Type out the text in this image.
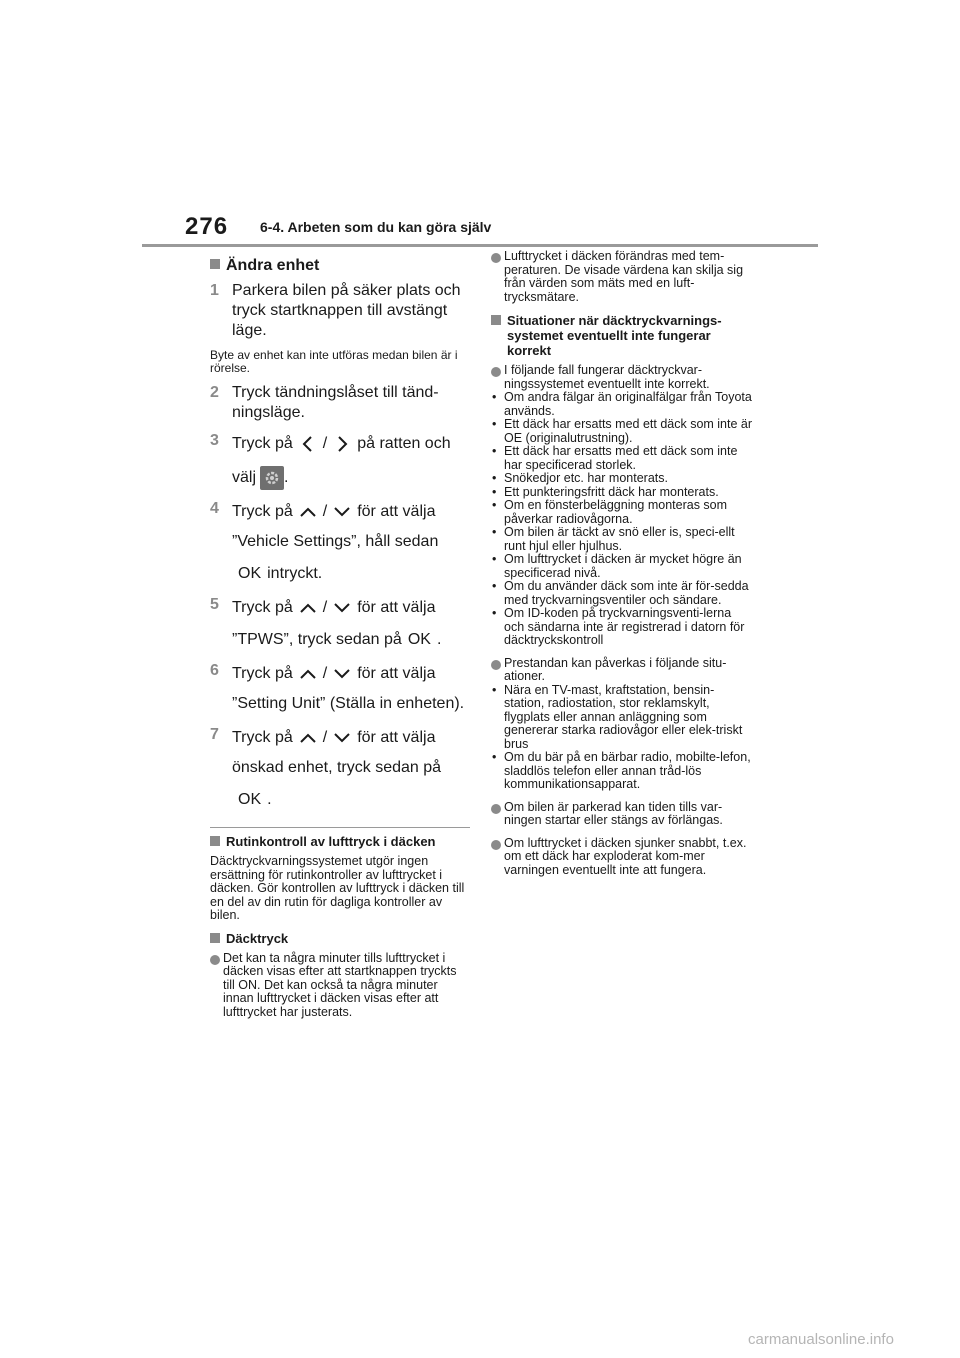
276 6-4. Arbeten som du kan göra själv
Ändra enhet
1 Parkera bilen på säker plats och tryck startknappen till avstängt läge.
Byte av enhet kan inte utföras medan bilen är i rörelse.
2 Tryck tändningslåset till tänd-ningsläge.
3 Tryck på / på ratten och
välj .
4 Tryck på / för att välja
”Vehicle Settings”, håll sedan
OK intryckt.
5 Tryck på / för att välja
”TPWS”, tryck sedan på OK .
6 Tryck på / för att välja
”Setting Unit” (Ställa in enheten).
7 Tryck på / för att välja
önskad enhet, tryck sedan på
OK .
Rutinkontroll av lufttryck i däcken
Däcktryckvarningssystemet utgör ingen ersättning för rutinkontroller av lufttrycket i däcken. Gör kontrollen av lufttryck i däcken till en del av din rutin för dagliga kontroller av bilen.
Däcktryck
Det kan ta några minuter tills lufttrycket i däcken visas efter att startknappen tryckts till ON. Det kan också ta några minuter innan lufttrycket i däcken visas efter att lufttrycket har justerats.
Lufttrycket i däcken förändras med tem-peraturen. De visade värdena kan skilja sig från värden som mäts med en luft-trycksmätare.
Situationer när däcktryckvarnings-systemet eventuellt inte fungerar korrekt
I följande fall fungerar däcktryckvar-ningssystemet eventuellt inte korrekt.
• Om andra fälgar än originalfälgar från Toyota används.
• Ett däck har ersatts med ett däck som inte är OE (originalutrustning).
• Ett däck har ersatts med ett däck som inte har specificerad storlek.
• Snökedjor etc. har monterats.
• Ett punkteringsfritt däck har monterats.
• Om en fönsterbeläggning monteras som påverkar radiovågorna.
• Om bilen är täckt av snö eller is, speci-ellt runt hjul eller hjulhus.
• Om lufttrycket i däcken är mycket högre än specificerad nivå.
• Om du använder däck som inte är för-sedda med tryckvarningsventiler och sändare.
• Om ID-koden på tryckvarningsventi-lerna och sändarna inte är registrerad i datorn för däcktryckskontroll
Prestandan kan påverkas i följande situ-ationer.
• Nära en TV-mast, kraftstation, bensin-station, radiostation, stor reklamskylt, flygplats eller annan anläggning som genererar starka radiovågor eller elek-triskt brus
• Om du bär på en bärbar radio, mobilte-lefon, sladdlös telefon eller annan tråd-lös kommunikationsapparat.
Om bilen är parkerad kan tiden tills var-ningen startar eller stängs av förlängas.
Om lufttrycket i däcken sjunker snabbt, t.ex. om ett däck har exploderat kom-mer varningen eventuellt inte att fungera.
carmanualsonline.info
